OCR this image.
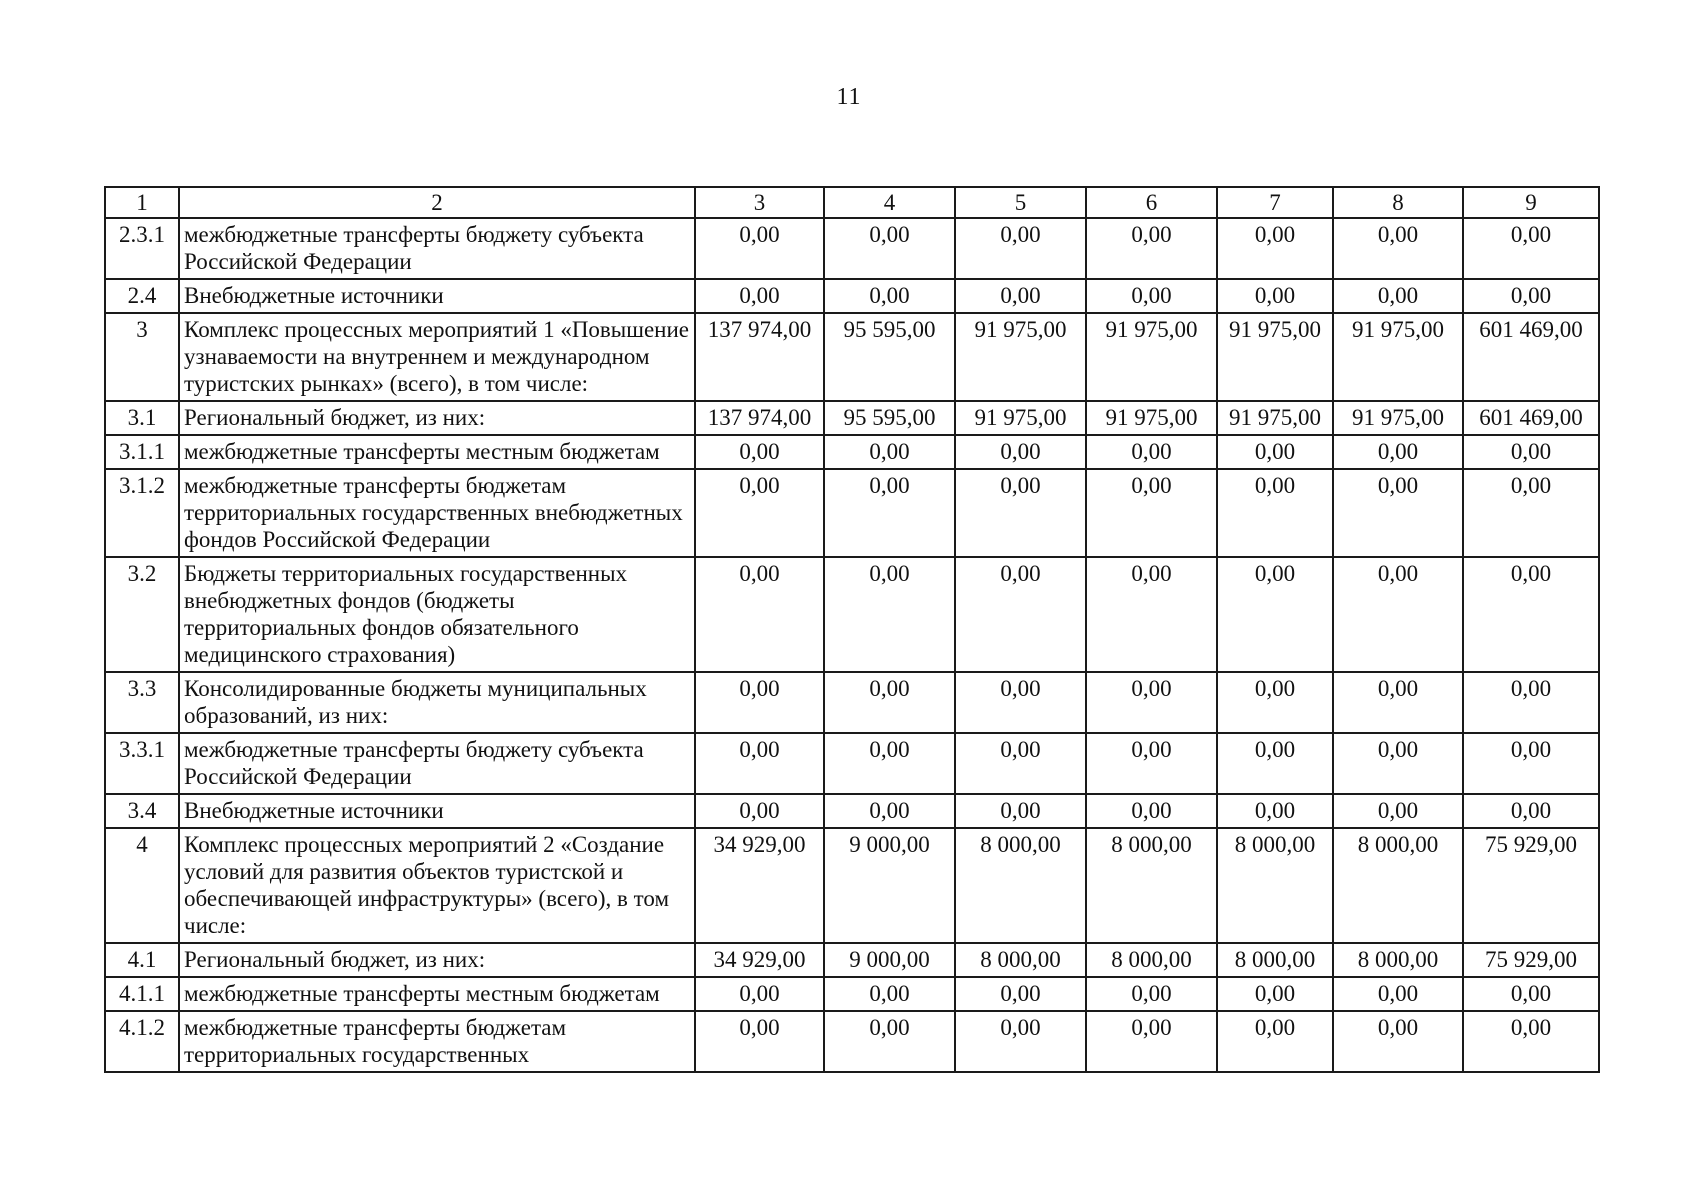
11
1	2	3	4	5	6	7	8	9
2.3.1	межбюджетные трансферты бюджету субъекта Российской Федерации	0,00	0,00	0,00	0,00	0,00	0,00	0,00
2.4	Внебюджетные источники	0,00	0,00	0,00	0,00	0,00	0,00	0,00
3	Комплекс процессных мероприятий 1 «Повышение узнаваемости на внутреннем и международном туристских рынках» (всего), в том числе:	137 974,00	95 595,00	91 975,00	91 975,00	91 975,00	91 975,00	601 469,00
3.1	Региональный бюджет, из них:	137 974,00	95 595,00	91 975,00	91 975,00	91 975,00	91 975,00	601 469,00
3.1.1	межбюджетные трансферты местным бюджетам	0,00	0,00	0,00	0,00	0,00	0,00	0,00
3.1.2	межбюджетные трансферты бюджетам территориальных государственных внебюджетных фондов Российской Федерации	0,00	0,00	0,00	0,00	0,00	0,00	0,00
3.2	Бюджеты территориальных государственных внебюджетных фондов (бюджеты территориальных фондов обязательного медицинского страхования)	0,00	0,00	0,00	0,00	0,00	0,00	0,00
3.3	Консолидированные бюджеты муниципальных образований, из них:	0,00	0,00	0,00	0,00	0,00	0,00	0,00
3.3.1	межбюджетные трансферты бюджету субъекта Российской Федерации	0,00	0,00	0,00	0,00	0,00	0,00	0,00
3.4	Внебюджетные источники	0,00	0,00	0,00	0,00	0,00	0,00	0,00
4	Комплекс процессных мероприятий 2 «Создание условий для развития объектов туристской и обеспечивающей инфраструктуры» (всего), в том числе:	34 929,00	9 000,00	8 000,00	8 000,00	8 000,00	8 000,00	75 929,00
4.1	Региональный бюджет, из них:	34 929,00	9 000,00	8 000,00	8 000,00	8 000,00	8 000,00	75 929,00
4.1.1	межбюджетные трансферты местным бюджетам	0,00	0,00	0,00	0,00	0,00	0,00	0,00
4.1.2	межбюджетные трансферты бюджетам территориальных государственных	0,00	0,00	0,00	0,00	0,00	0,00	0,00
